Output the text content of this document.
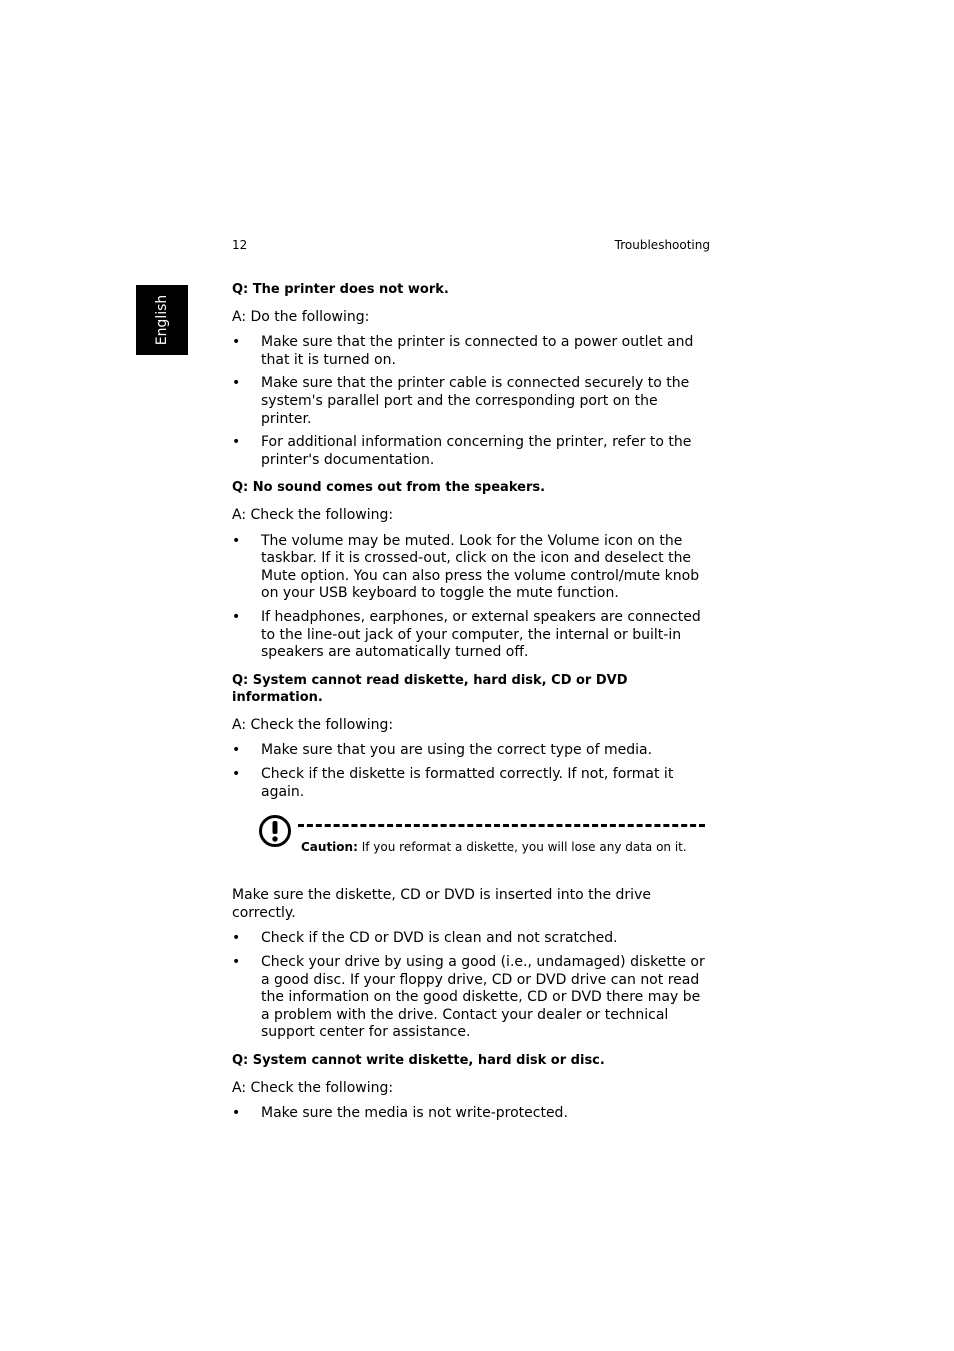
12	Troubleshooting
English

Q: The printer does not work.

A: Do the following:

• Make sure that the printer is connected to a power outlet and that it is turned on.
• Make sure that the printer cable is connected securely to the system's parallel port and the corresponding port on the printer.
• For additional information concerning the printer, refer to the printer's documentation.

Q: No sound comes out from the speakers.

A: Check the following:

• The volume may be muted. Look for the Volume icon on the taskbar. If it is crossed-out, click on the icon and deselect the Mute option. You can also press the volume control/mute knob on your USB keyboard to toggle the mute function.
• If headphones, earphones, or external speakers are connected to the line-out jack of your computer, the internal or built-in speakers are automatically turned off.

Q: System cannot read diskette, hard disk, CD or DVD information.

A: Check the following:

• Make sure that you are using the correct type of media.
• Check if the diskette is formatted correctly. If not, format it again.
Caution: If you reformat a diskette, you will lose any data on it.

Make sure the diskette, CD or DVD is inserted into the drive correctly.

• Check if the CD or DVD is clean and not scratched.
• Check your drive by using a good (i.e., undamaged) diskette or a good disc. If your floppy drive, CD or DVD drive can not read the information on the good diskette, CD or DVD there may be a problem with the drive. Contact your dealer or technical support center for assistance.

Q: System cannot write diskette, hard disk or disc.

A: Check the following:

• Make sure the media is not write-protected.
